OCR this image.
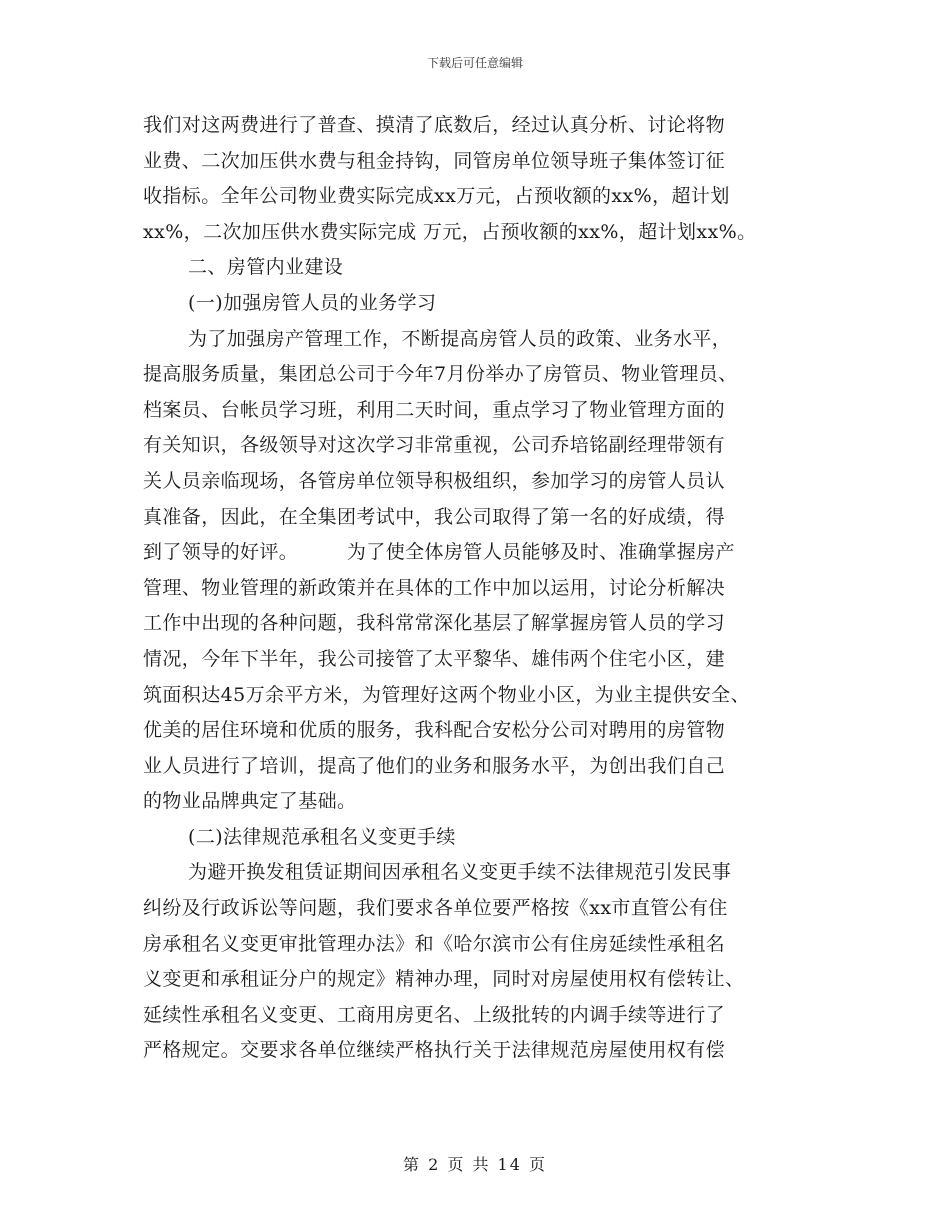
下载后可任意编辑
我们对这两费进行了普查、摸清了底数后，经过认真分析、讨论将物
业费、二次加压供水费与租金持钩，同管房单位领导班子集体签订征
收指标。全年公司物业费实际完成xx万元，占预收额的xx%，超计划
xx%，二次加压供水费实际完成 万元，占预收额的xx%，超计划xx%。
二、房管内业建设
(一)加强房管人员的业务学习
为了加强房产管理工作，不断提高房管人员的政策、业务水平，
提高服务质量，集团总公司于今年7月份举办了房管员、物业管理员、
档案员、台帐员学习班，利用二天时间，重点学习了物业管理方面的
有关知识，各级领导对这次学习非常重视，公司乔培铭副经理带领有
关人员亲临现场，各管房单位领导积极组织，参加学习的房管人员认
真准备，因此，在全集团考试中，我公司取得了第一名的好成绩，得
到了领导的好评。　　　为了使全体房管人员能够及时、准确掌握房产
管理、物业管理的新政策并在具体的工作中加以运用，讨论分析解决
工作中出现的各种问题，我科常常深化基层了解掌握房管人员的学习
情况，今年下半年，我公司接管了太平黎华、雄伟两个住宅小区，建
筑面积达45万余平方米，为管理好这两个物业小区，为业主提供安全、
优美的居住环境和优质的服务，我科配合安松分公司对聘用的房管物
业人员进行了培训，提高了他们的业务和服务水平，为创出我们自己
的物业品牌典定了基础。
(二)法律规范承租名义变更手续
为避开换发租赁证期间因承租名义变更手续不法律规范引发民事
纠纷及行政诉讼等问题，我们要求各单位要严格按《xx市直管公有住
房承租名义变更审批管理办法》和《哈尔滨市公有住房延续性承租名
义变更和承租证分户的规定》精神办理，同时对房屋使用权有偿转让、
延续性承租名义变更、工商用房更名、上级批转的内调手续等进行了
严格规定。交要求各单位继续严格执行关于法律规范房屋使用权有偿
第 2 页 共 14 页
